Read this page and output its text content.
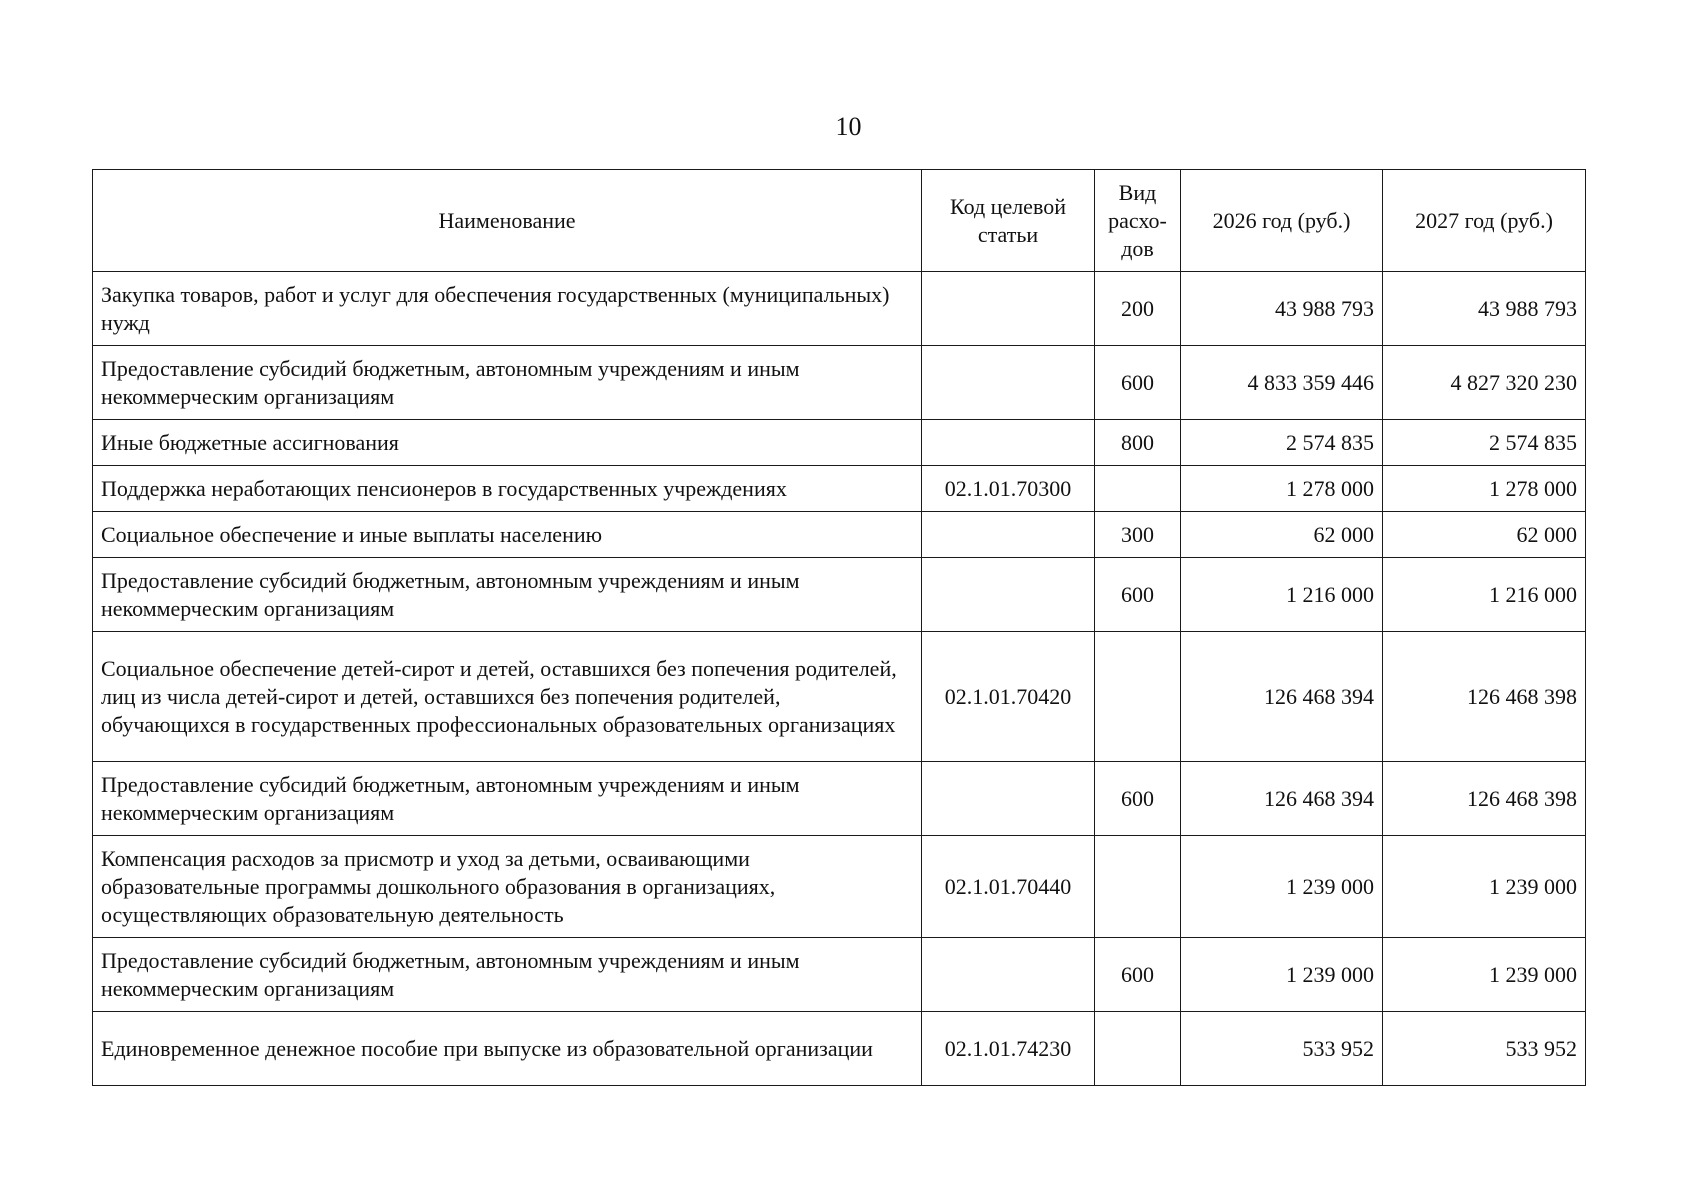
10
Наименование	Код целевой статьи	Вид расхо-дов	2026 год (руб.)	2027 год (руб.)
Закупка товаров, работ и услуг для обеспечения государственных (муниципальных) нужд		200	43 988 793	43 988 793
Предоставление субсидий бюджетным, автономным учреждениям и иным некоммерческим организациям		600	4 833 359 446	4 827 320 230
Иные бюджетные ассигнования		800	2 574 835	2 574 835
Поддержка неработающих пенсионеров в государственных учреждениях	02.1.01.70300		1 278 000	1 278 000
Социальное обеспечение и иные выплаты населению		300	62 000	62 000
Предоставление субсидий бюджетным, автономным учреждениям и иным некоммерческим организациям		600	1 216 000	1 216 000
Социальное обеспечение детей-сирот и детей, оставшихся без попечения родителей, лиц из числа детей-сирот и детей, оставшихся без попечения родителей, обучающихся в государственных профессиональных образовательных организациях	02.1.01.70420		126 468 394	126 468 398
Предоставление субсидий бюджетным, автономным учреждениям и иным некоммерческим организациям		600	126 468 394	126 468 398
Компенсация расходов за присмотр и уход за детьми, осваивающими образовательные программы дошкольного образования в организациях, осуществляющих образовательную деятельность	02.1.01.70440		1 239 000	1 239 000
Предоставление субсидий бюджетным, автономным учреждениям и иным некоммерческим организациям		600	1 239 000	1 239 000
Единовременное денежное пособие при выпуске из образовательной организации	02.1.01.74230		533 952	533 952
